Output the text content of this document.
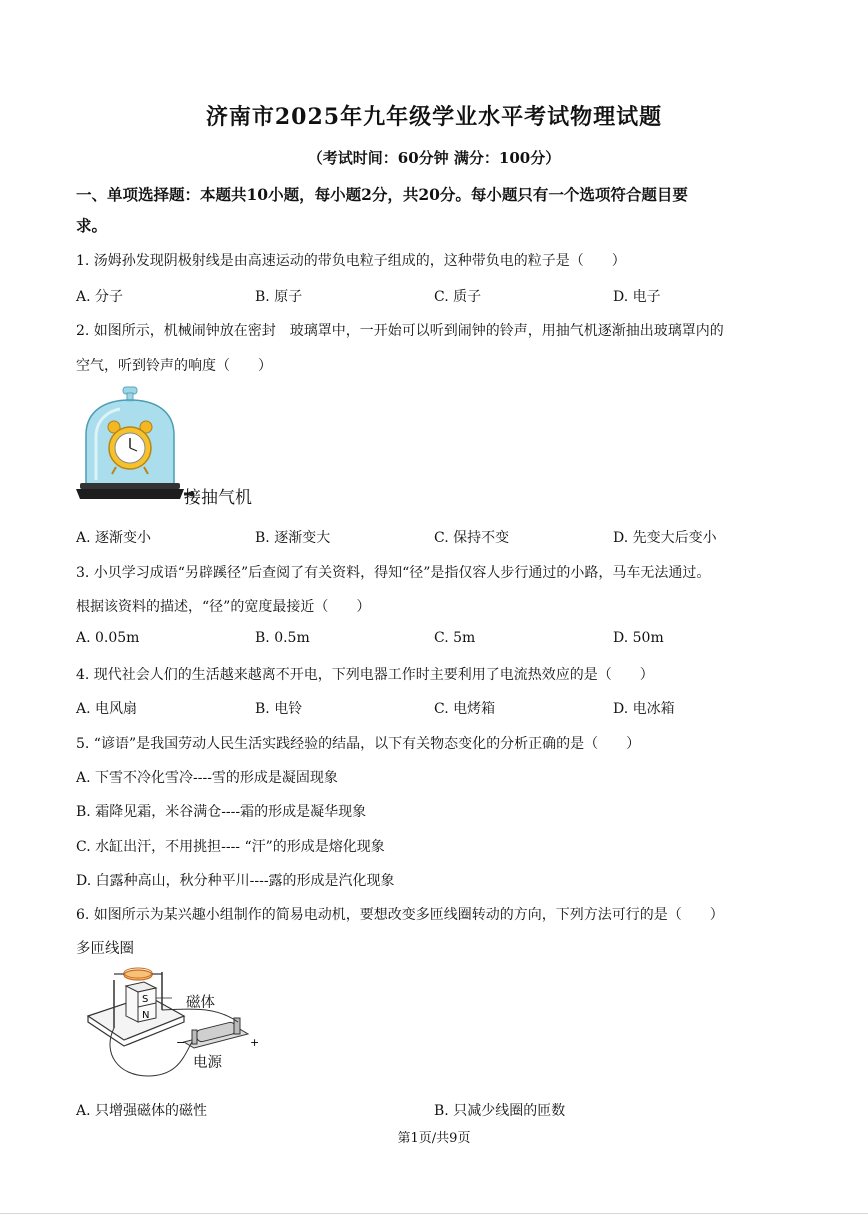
济南市2025年九年级学业水平考试物理试题
（考试时间：60分钟 满分：100分）
一、单项选择题：本题共10小题，每小题2分，共20分。每小题只有一个选项符合题目要
求。
1. 汤姆孙发现阴极射线是由高速运动的带负电粒子组成的，这种带负电的粒子是（　　）
A. 分子	B. 原子	C. 质子	D. 电子
2. 如图所示，机械闹钟放在密封　玻璃罩中，一开始可以听到闹钟的铃声，用抽气机逐渐抽出玻璃罩内的
空气，听到铃声的响度（　　）
接抽气机
A. 逐渐变小	B. 逐渐变大	C. 保持不变	D. 先变大后变小
3. 小贝学习成语“另辟蹊径”后查阅了有关资料，得知“径”是指仅容人步行通过的小路，马车无法通过。
根据该资料的描述，“径”的宽度最接近（　　）
A. 0.05m	B. 0.5m	C. 5m	D. 50m
4. 现代社会人们的生活越来越离不开电，下列电器工作时主要利用了电流热效应的是（　　）
A. 电风扇	B. 电铃	C. 电烤箱	D. 电冰箱
5. “谚语”是我国劳动人民生活实践经验的结晶，以下有关物态变化的分析正确的是（　　）
A. 下雪不冷化雪冷----雪的形成是凝固现象
B. 霜降见霜，米谷满仓----霜的形成是凝华现象
C. 水缸出汗，不用挑担---- “汗”的形成是熔化现象
D. 白露种高山，秋分种平川----露的形成是汽化现象
6. 如图所示为某兴趣小组制作的简易电动机，要想改变多匝线圈转动的方向，下列方法可行的是（　　）
多匝线圈
S
N
−	+
磁体
电源
A. 只增强磁体的磁性	B. 只减少线圈的匝数
第1页/共9页
